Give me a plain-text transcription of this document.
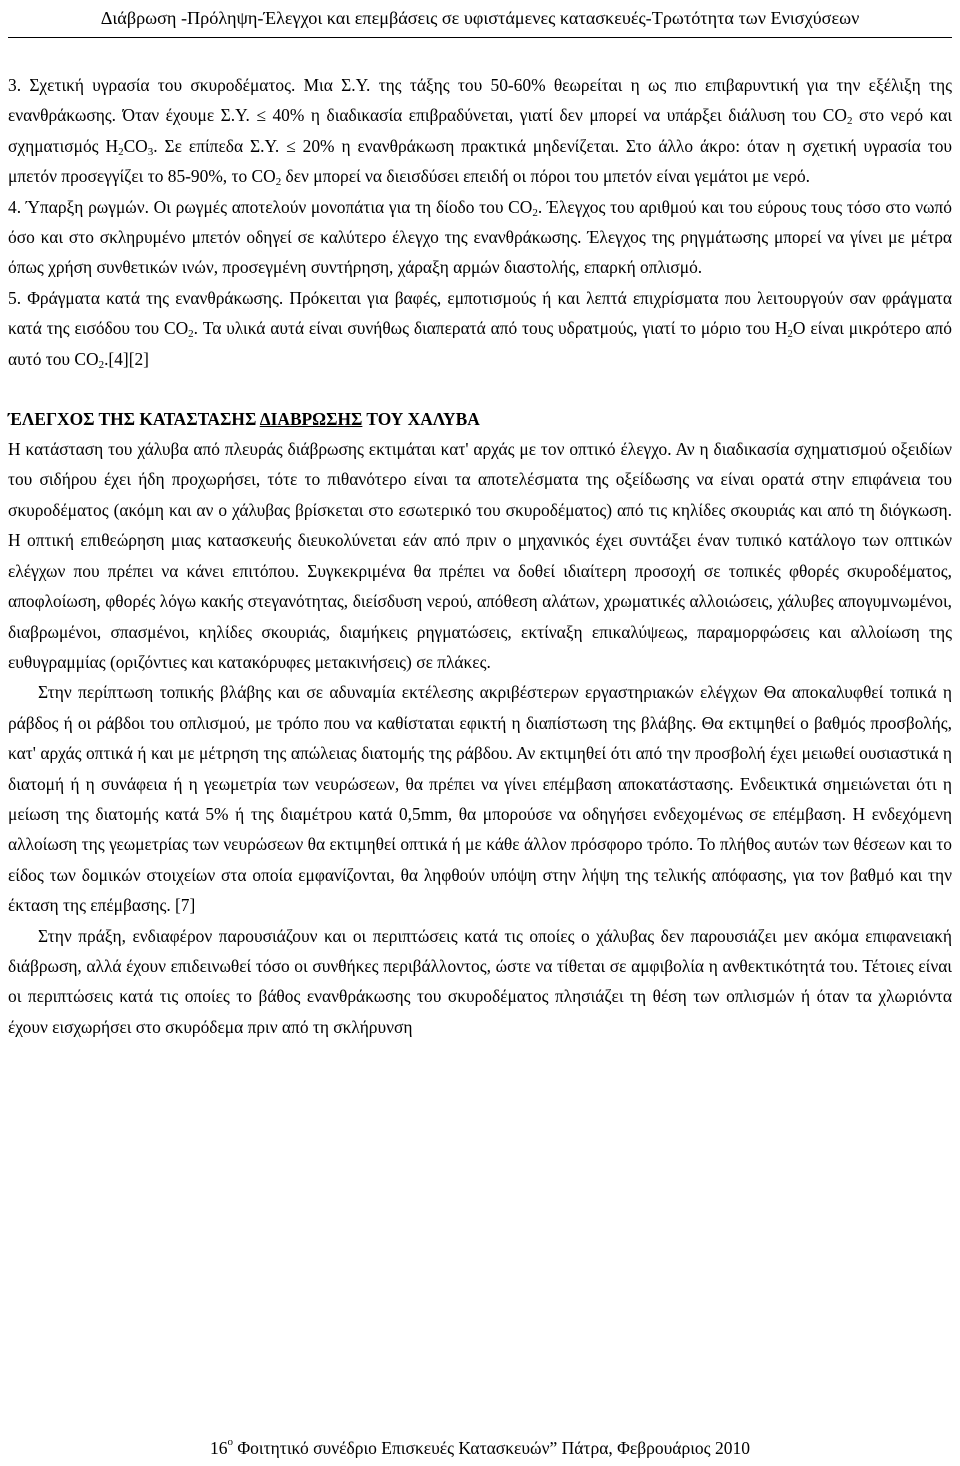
Διάβρωση -Πρόληψη-Έλεγχοι και επεμβάσεις σε υφιστάμενες κατασκευές-Τρωτότητα των Ενισχύσεων

3. Σχετική υγρασία του σκυροδέματος. Μια Σ.Υ. της τάξης του 50-60% θεωρείται η ως πιο επιβαρυντική για την εξέλιξη της ενανθράκωσης. Όταν έχουμε Σ.Υ. ≤ 40% η διαδικασία επιβραδύνεται, γιατί δεν μπορεί να υπάρξει διάλυση του $CO_2$ στο νερό και σχηματισμός $H_2CO_3$. Σε επίπεδα Σ.Υ. ≤ 20% η ενανθράκωση πρακτικά μηδενίζεται. Στο άλλο άκρο: όταν η σχετική υγρασία του μπετόν προσεγγίζει το 85-90%, το $CO_2$ δεν μπορεί να διεισδύσει επειδή οι πόροι του μπετόν είναι γεμάτοι με νερό.

4. Ύπαρξη ρωγμών. Οι ρωγμές αποτελούν μονοπάτια για τη δίοδο του $CO_2$. Έλεγχος του αριθμού και του εύρους τους τόσο στο νωπό όσο και στο σκληρυμένο μπετόν οδηγεί σε καλύτερο έλεγχο της ενανθράκωσης. Έλεγχος της ρηγμάτωσης μπορεί να γίνει με μέτρα όπως χρήση συνθετικών ινών, προσεγμένη συντήρηση, χάραξη αρμών διαστολής, επαρκή οπλισμό.

5. Φράγματα κατά της ενανθράκωσης. Πρόκειται για βαφές, εμποτισμούς ή και λεπτά επιχρίσματα που λειτουργούν σαν φράγματα κατά της εισόδου του $CO_2$. Τα υλικά αυτά είναι συνήθως διαπερατά από τους υδρατμούς, γιατί το μόριο του $H_2O$ είναι μικρότερο από αυτό του $CO_2.[4][2]$

ΈΛΕΓΧΟΣ ΤΗΣ ΚΑΤΑΣΤΑΣΗΣ ΔΙΑΒΡΩΣΗΣ ΤΟΥ ΧΑΛΥΒΑ

Η κατάσταση του χάλυβα από πλευράς διάβρωσης εκτιμάται κατ' αρχάς με τον οπτικό έλεγχο. Αν η διαδικασία σχηματισμού οξειδίων του σιδήρου έχει ήδη προχωρήσει, τότε το πιθανότερο είναι τα αποτελέσματα της οξείδωσης να είναι ορατά στην επιφάνεια του σκυροδέματος (ακόμη και αν ο χάλυβας βρίσκεται στο εσωτερικό του σκυροδέματος) από τις κηλίδες σκουριάς και από τη διόγκωση. Η οπτική επιθεώρηση μιας κατασκευής διευκολύνεται εάν από πριν ο μηχανικός έχει συντάξει έναν τυπικό κατάλογο των οπτικών ελέγχων που πρέπει να κάνει επιτόπου. Συγκεκριμένα θα πρέπει να δοθεί ιδιαίτερη προσοχή σε τοπικές φθορές σκυροδέματος, αποφλοίωση, φθορές λόγω κακής στεγανότητας, διείσδυση νερού, απόθεση αλάτων, χρωματικές αλλοιώσεις, χάλυβες απογυμνωμένοι, διαβρωμένοι, σπασμένοι, κηλίδες σκουριάς, διαμήκεις ρηγματώσεις, εκτίναξη επικαλύψεως, παραμορφώσεις και αλλοίωση της ευθυγραμμίας (οριζόντιες και κατακόρυφες μετακινήσεις) σε πλάκες.

Στην περίπτωση τοπικής βλάβης και σε αδυναμία εκτέλεσης ακριβέστερων εργαστηριακών ελέγχων Θα αποκαλυφθεί τοπικά η ράβδος ή οι ράβδοι του οπλισμού, με τρόπο που να καθίσταται εφικτή η διαπίστωση της βλάβης. Θα εκτιμηθεί ο βαθμός προσβολής, κατ' αρχάς οπτικά ή και με μέτρηση της απώλειας διατομής της ράβδου. Αν εκτιμηθεί ότι από την προσβολή έχει μειωθεί ουσιαστικά η διατομή ή η συνάφεια ή η γεωμετρία των νευρώσεων, θα πρέπει να γίνει επέμβαση αποκατάστασης. Ενδεικτικά σημειώνεται ότι η μείωση της διατομής κατά 5% ή της διαμέτρου κατά 0,5mm, θα μπορούσε να οδηγήσει ενδεχομένως σε επέμβαση. Η ενδεχόμενη αλλοίωση της γεωμετρίας των νευρώσεων θα εκτιμηθεί οπτικά ή με κάθε άλλον πρόσφορο τρόπο. Το πλήθος αυτών των θέσεων και το είδος των δομικών στοιχείων στα οποία εμφανίζονται, θα ληφθούν υπόψη στην λήψη της τελικής απόφασης, για τον βαθμό και την έκταση της επέμβασης. [7]

Στην πράξη, ενδιαφέρον παρουσιάζουν και οι περιπτώσεις κατά τις οποίες ο χάλυβας δεν παρουσιάζει μεν ακόμα επιφανειακή διάβρωση, αλλά έχουν επιδεινωθεί τόσο οι συνθήκες περιβάλλοντος, ώστε να τίθεται σε αμφιβολία η ανθεκτικότητά του. Τέτοιες είναι οι περιπτώσεις κατά τις οποίες το βάθος ενανθράκωσης του σκυροδέματος πλησιάζει τη θέση των οπλισμών ή όταν τα χλωριόντα έχουν εισχωρήσει στο σκυρόδεμα πριν από τη σκλήρυνση

$16^o$ Φοιτητικό συνέδριο Επισκευές Κατασκευών” Πάτρα, Φεβρουάριος 2010
